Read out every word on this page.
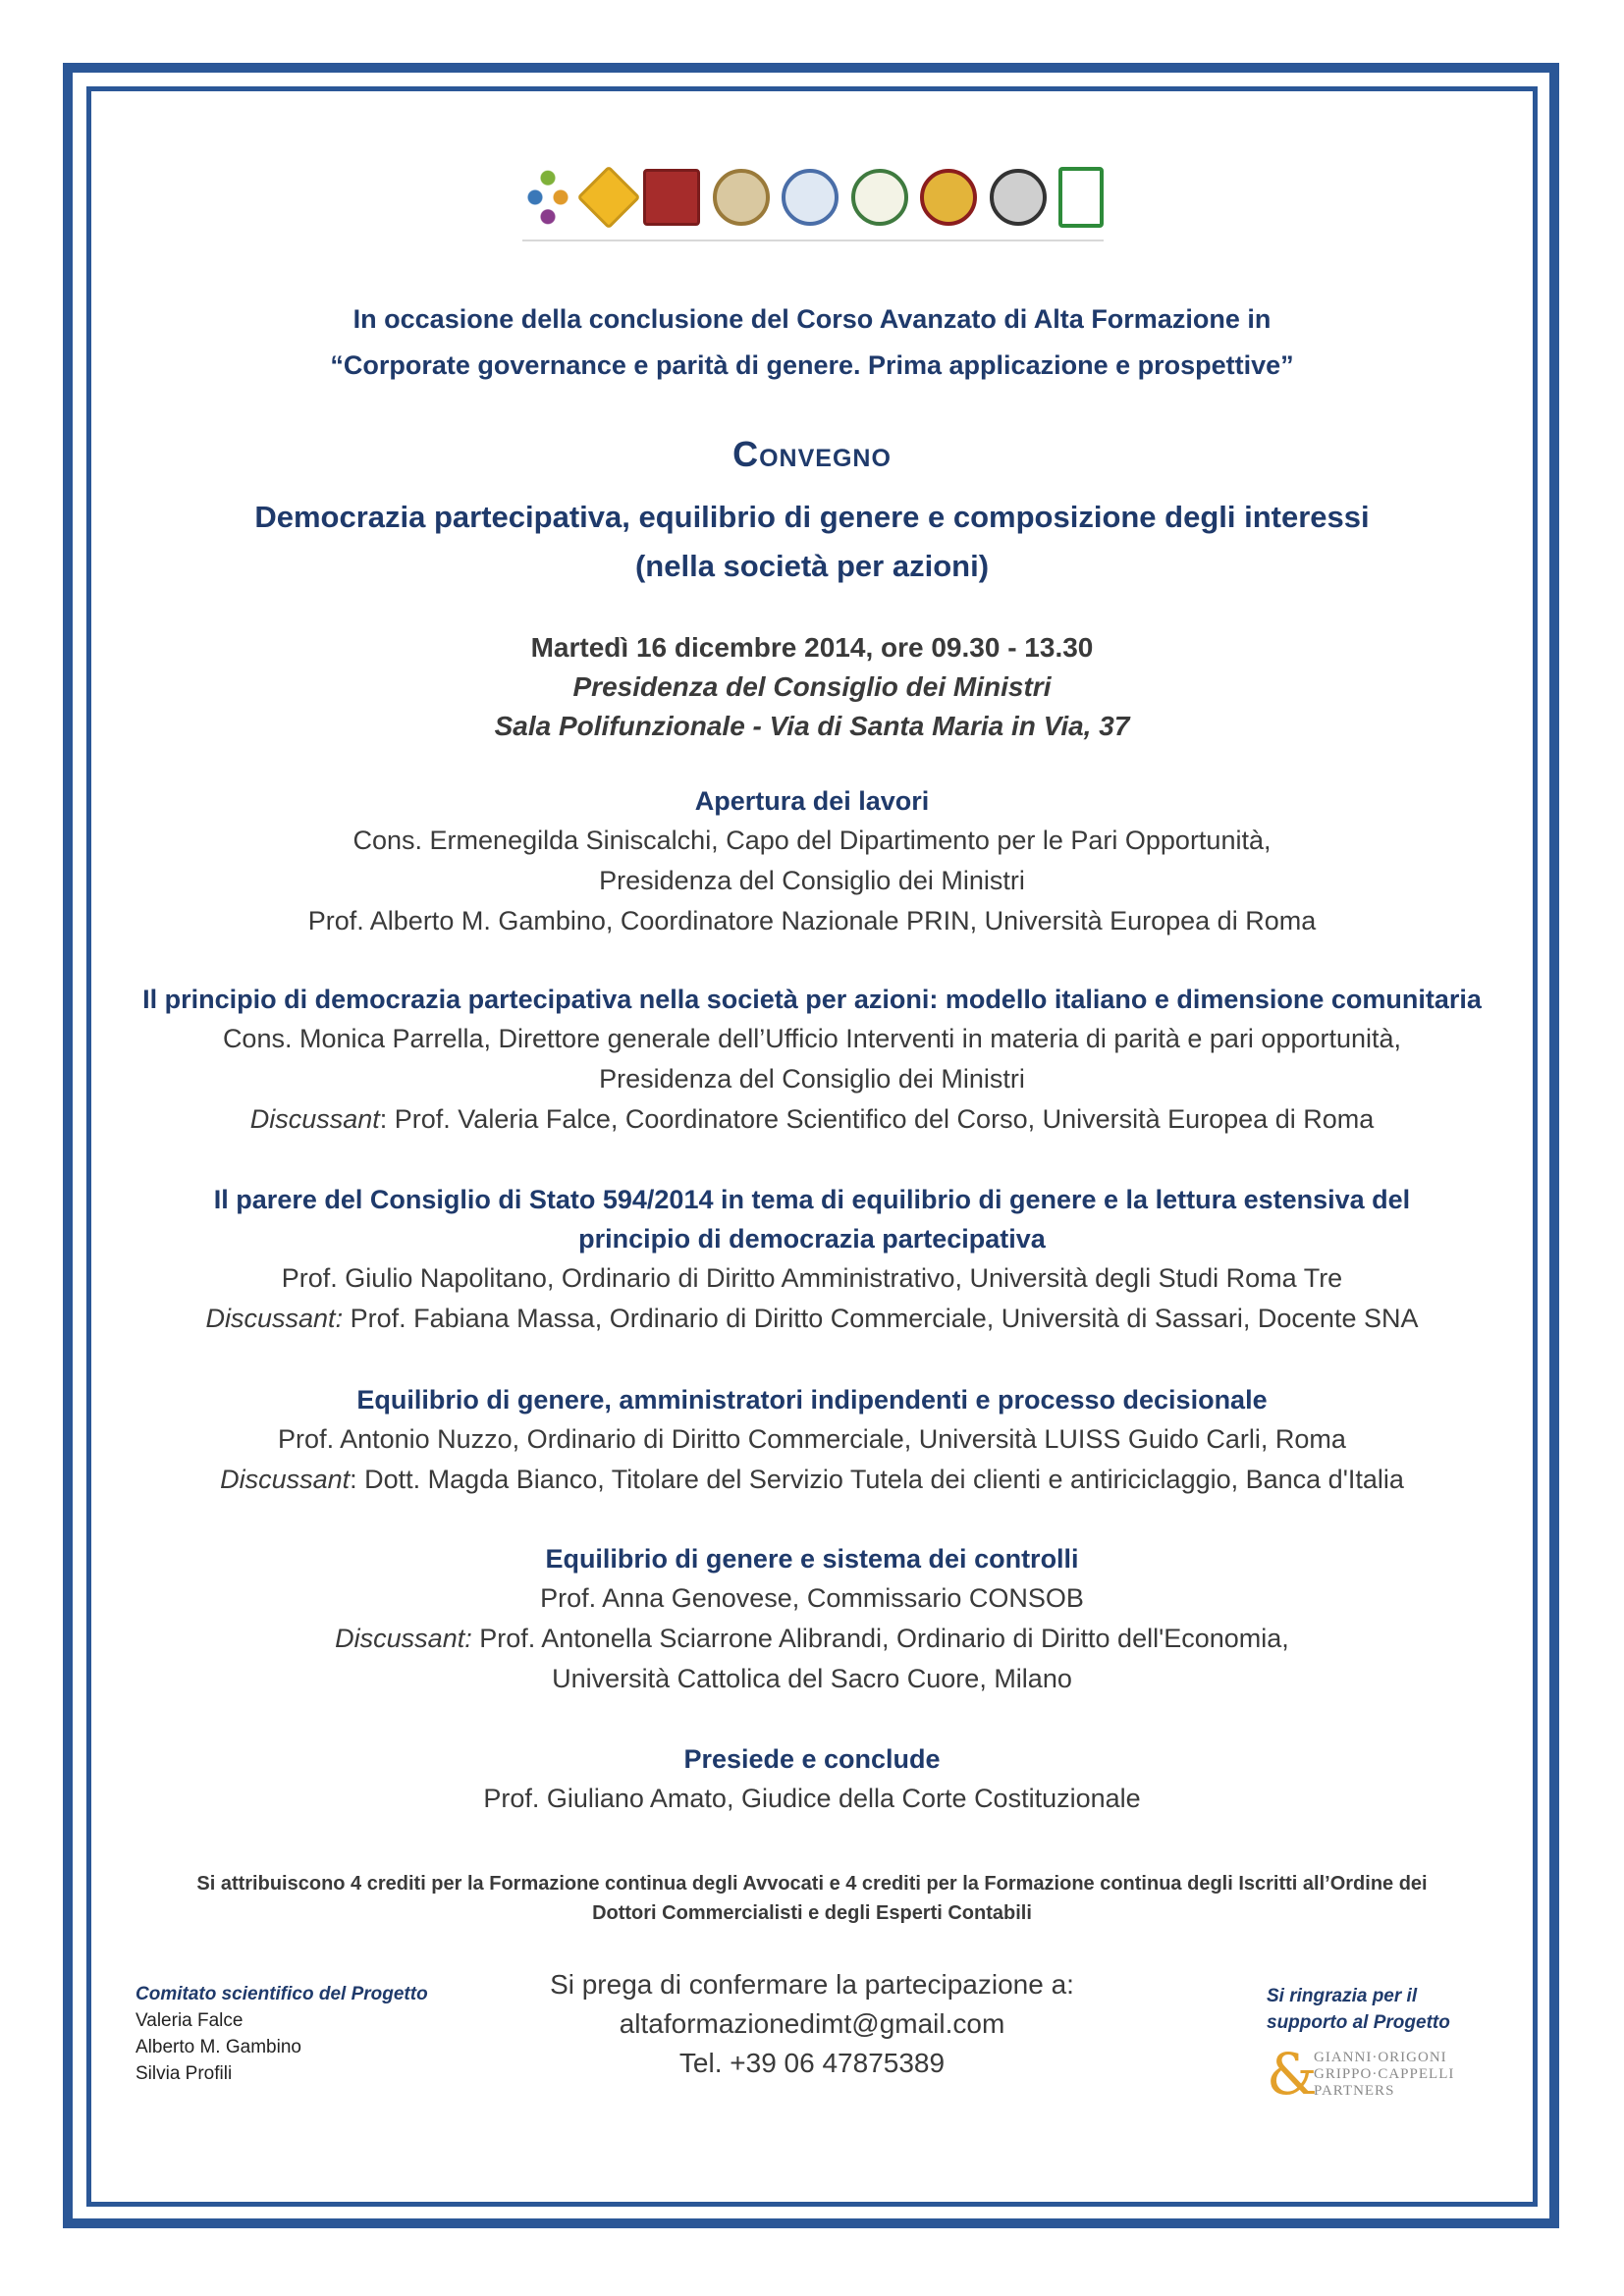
In occasione della conclusione del Corso Avanzato di Alta Formazione in
“Corporate governance e parità di genere. Prima applicazione e prospettive”
Convegno
Democrazia partecipativa, equilibrio di genere e composizione degli interessi
(nella società per azioni)
Martedì 16 dicembre 2014, ore 09.30 - 13.30
Presidenza del Consiglio dei Ministri
Sala Polifunzionale - Via di Santa Maria in Via, 37
Apertura dei lavori
Cons. Ermenegilda Siniscalchi, Capo del Dipartimento per le Pari Opportunità,
Presidenza del Consiglio dei Ministri
Prof. Alberto M. Gambino, Coordinatore Nazionale PRIN, Università Europea di Roma
Il principio di democrazia partecipativa nella società per azioni: modello italiano e dimensione comunitaria
Cons. Monica Parrella, Direttore generale dell’Ufficio Interventi in materia di parità e pari opportunità,
Presidenza del Consiglio dei Ministri
Discussant: Prof. Valeria Falce, Coordinatore Scientifico del Corso, Università Europea di Roma
Il parere del Consiglio di Stato 594/2014 in tema di equilibrio di genere e la lettura estensiva del
principio di democrazia partecipativa
Prof. Giulio Napolitano, Ordinario di Diritto Amministrativo, Università degli Studi Roma Tre
Discussant: Prof. Fabiana Massa, Ordinario di Diritto Commerciale, Università di Sassari, Docente SNA
Equilibrio di genere, amministratori indipendenti e processo decisionale
Prof. Antonio Nuzzo, Ordinario di Diritto Commerciale, Università LUISS Guido Carli, Roma
Discussant: Dott. Magda Bianco, Titolare del Servizio Tutela dei clienti e antiriciclaggio, Banca d'Italia
Equilibrio di genere e sistema dei controlli
Prof. Anna Genovese, Commissario CONSOB
Discussant: Prof. Antonella Sciarrone Alibrandi, Ordinario di Diritto dell'Economia,
Università Cattolica del Sacro Cuore, Milano
Presiede e conclude
Prof. Giuliano Amato, Giudice della Corte Costituzionale
Si attribuiscono 4 crediti per la Formazione continua degli Avvocati e 4 crediti per la Formazione continua degli Iscritti all’Ordine dei
Dottori Commercialisti e degli Esperti Contabili
Comitato scientifico del Progetto
Valeria Falce
Alberto M. Gambino
Silvia Profili
Si prega di confermare la partecipazione a:
altaformazionedimt@gmail.com
Tel. +39 06 47875389
Si ringrazia per il
supporto al Progetto
&
GIANNI·ORIGONI
GRIPPO·CAPPELLI
PARTNERS
